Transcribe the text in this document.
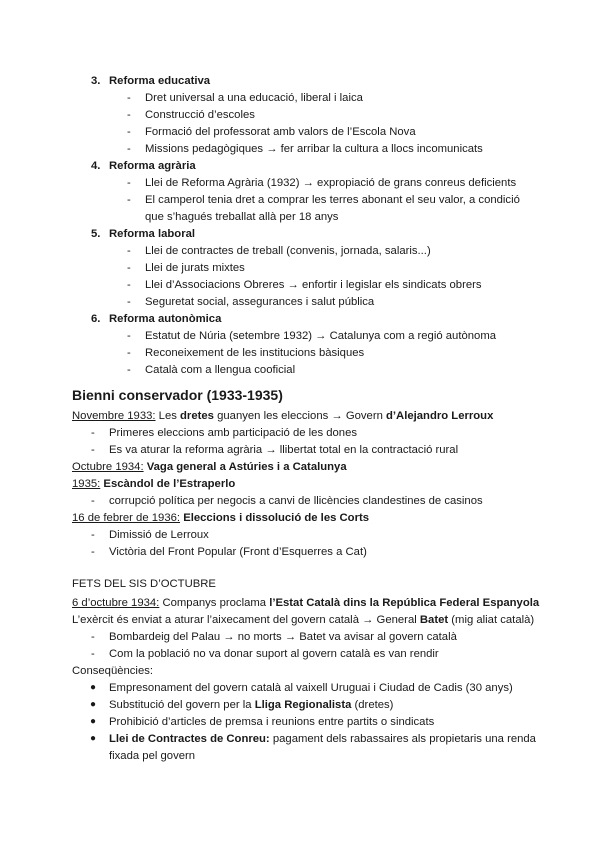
3. Reforma educativa
- Dret universal a una educació, liberal i laica
- Construcció d’escoles
- Formació del professorat amb valors de l’Escola Nova
- Missions pedagògiques → fer arribar la cultura a llocs incomunicats
4. Reforma agrària
- Llei de Reforma Agrària (1932) → expropiació de grans conreus deficients
- El camperol tenia dret a comprar les terres abonant el seu valor, a condició
que s’hagués treballat allà per 18 anys
5. Reforma laboral
- Llei de contractes de treball (convenis, jornada, salaris...)
- Llei de jurats mixtes
- Llei d’Associacions Obreres → enfortir i legislar els sindicats obrers
- Seguretat social, assegurances i salut pública
6. Reforma autonòmica
- Estatut de Núria (setembre 1932) → Catalunya com a regió autònoma
- Reconeixement de les institucions bàsiques
- Català com a llengua cooficial
Bienni conservador (1933-1935)
Novembre 1933: Les dretes guanyen les eleccions → Govern d’Alejandro Lerroux
- Primeres eleccions amb participació de les dones
- Es va aturar la reforma agrària → llibertat total en la contractació rural
Octubre 1934: Vaga general a Astúries i a Catalunya
1935: Escàndol de l’Estraperlo
- corrupció política per negocis a canvi de llicències clandestines de casinos
16 de febrer de 1936: Eleccions i dissolució de les Corts
- Dimissió de Lerroux
- Victòria del Front Popular (Front d’Esquerres a Cat)
FETS DEL SIS D’OCTUBRE
6 d’octubre 1934: Companys proclama l’Estat Català dins la República Federal Espanyola
L’exèrcit és enviat a aturar l’aixecament del govern català → General Batet (mig aliat català)
- Bombardeig del Palau → no morts → Batet va avisar al govern català
- Com la població no va donar suport al govern català es van rendir
Conseqüències:
● Empresonament del govern català al vaixell Uruguai i Ciudad de Cadis (30 anys)
● Substitució del govern per la Lliga Regionalista (dretes)
● Prohibició d’articles de premsa i reunions entre partits o sindicats
● Llei de Contractes de Conreu: pagament dels rabassaires als propietaris una renda
fixada pel govern
